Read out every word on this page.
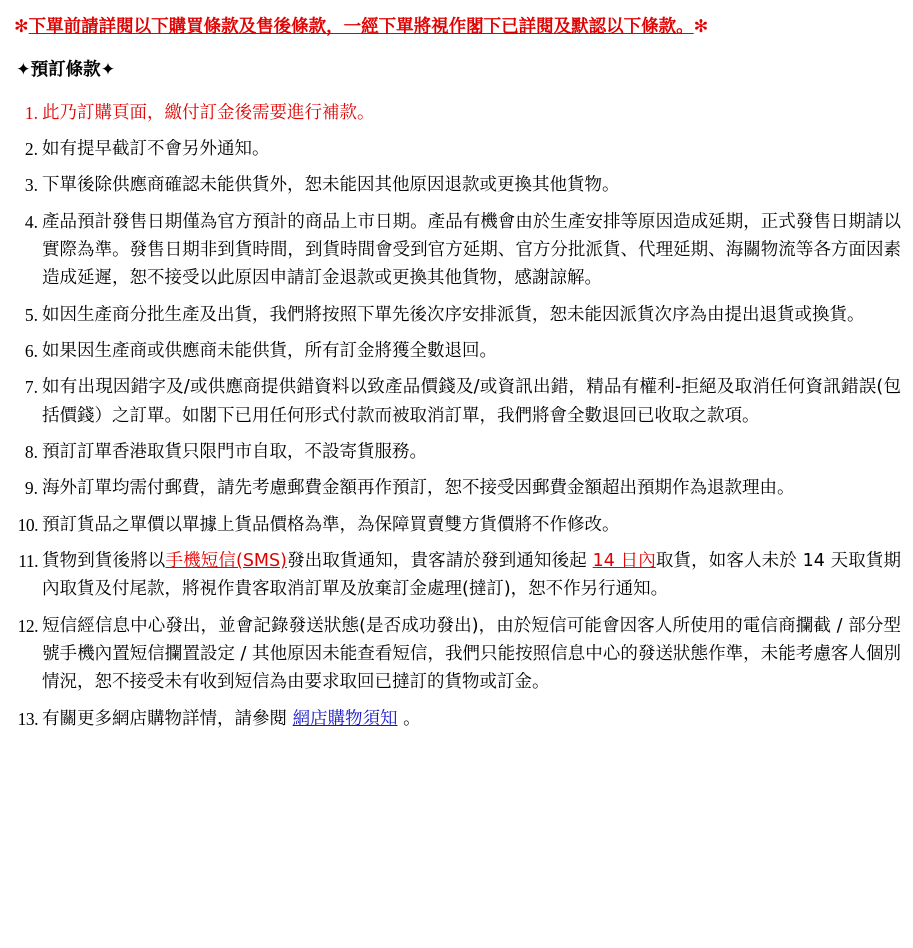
✻下單前請詳閱以下購買條款及售後條款，一經下單將視作閣下已詳閱及默認以下條款。✻
✦預訂條款✦
1. 此乃訂購頁面，繳付訂金後需要進行補款。
2. 如有提早截訂不會另外通知。
3. 下單後除供應商確認未能供貨外，恕未能因其他原因退款或更換其他貨物。
4. 產品預計發售日期僅為官方預計的商品上市日期。產品有機會由於生產安排等原因造成延期，正式發售日期請以實際為準。發售日期非到貨時間，到貨時間會受到官方延期、官方分批派貨、代理延期、海關物流等各方面因素造成延遲，恕不接受以此原因申請訂金退款或更換其他貨物，感謝諒解。
5. 如因生產商分批生產及出貨，我們將按照下單先後次序安排派貨，恕未能因派貨次序為由提出退貨或換貨。
6. 如果因生產商或供應商未能供貨，所有訂金將獲全數退回。
7. 如有出現因錯字及/或供應商提供錯資料以致產品價錢及/或資訊出錯，精品有權利-拒絕及取消任何資訊錯誤(包括價錢）之訂單。如閣下已用任何形式付款而被取消訂單，我們將會全數退回已收取之款項。
8. 預訂訂單香港取貨只限門市自取，不設寄貨服務。
9. 海外訂單均需付郵費，請先考慮郵費金額再作預訂，恕不接受因郵費金額超出預期作為退款理由。
10. 預訂貨品之單價以單據上貨品價格為準，為保障買賣雙方貨價將不作修改。
11. 貨物到貨後將以手機短信(SMS)發出取貨通知，貴客請於發到通知後起 14 日內取貨，如客人未於 14 天取貨期內取貨及付尾款，將視作貴客取消訂單及放棄訂金處理(撻訂)，恕不作另行通知。
12. 短信經信息中心發出，並會記錄發送狀態(是否成功發出)，由於短信可能會因客人所使用的電信商攔截 / 部分型號手機內置短信攔置設定 / 其他原因未能查看短信，我們只能按照信息中心的發送狀態作準，未能考慮客人個別情況，恕不接受未有收到短信為由要求取回已撻訂的貨物或訂金。
13. 有關更多網店購物詳情，請參閱 網店購物須知 。
